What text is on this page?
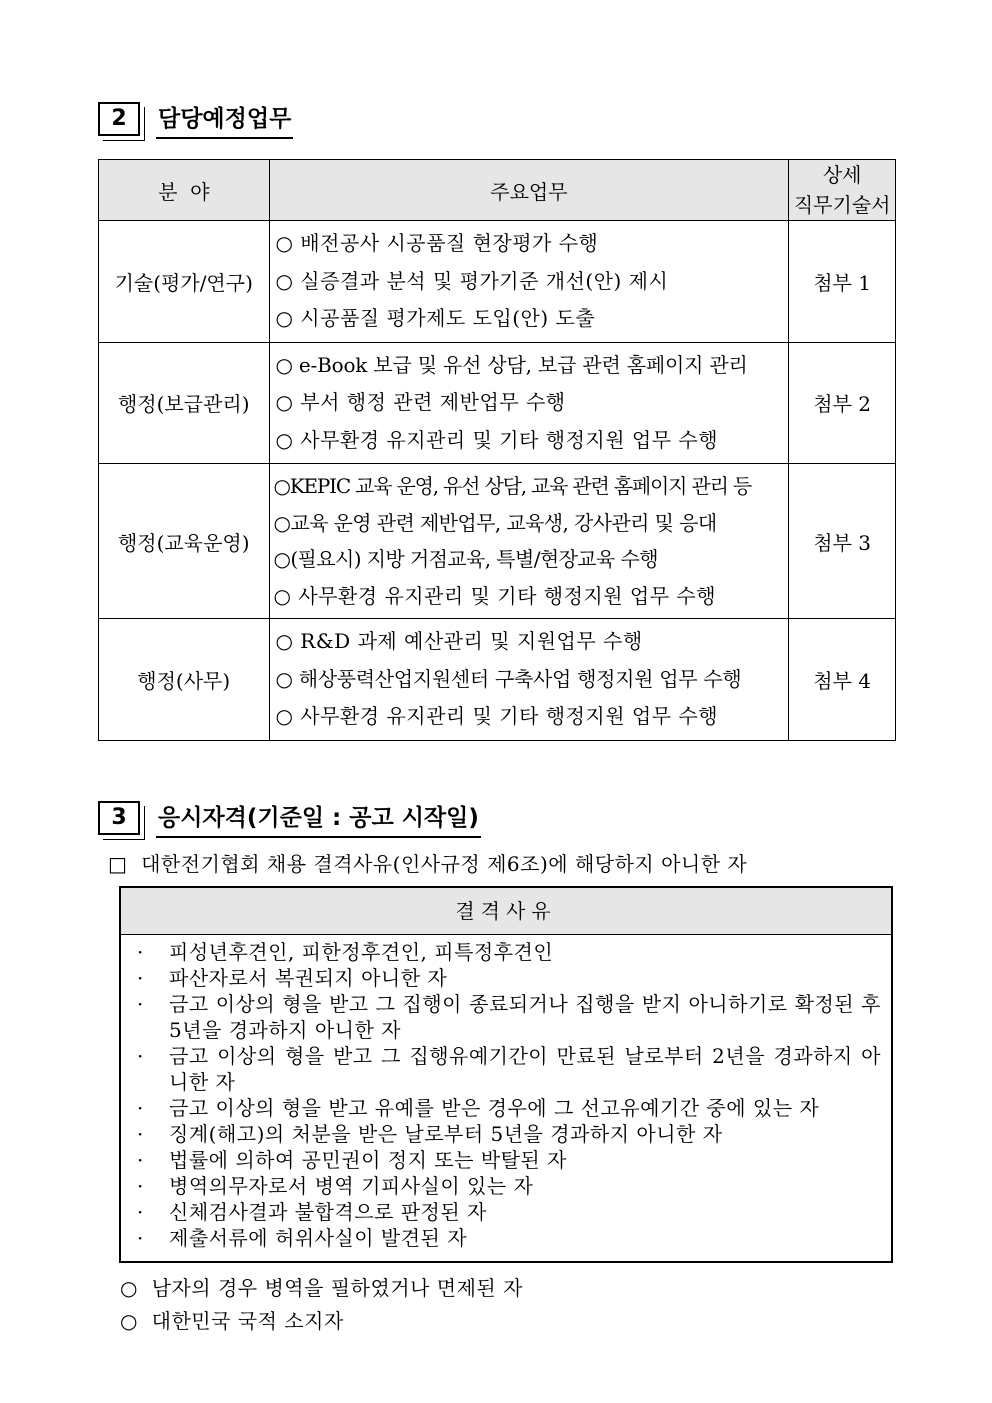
2	담당예정업무
분  야	주요업무	상세
직무기술서

기술(평가/연구)	○ 배전공사 시공품질 현장평가 수행
○ 실증결과 분석 및 평가기준 개선(안) 제시
○ 시공품질 평가제도 도입(안) 도출	첨부 1
행정(보급관리)	○ e-Book 보급 및 유선 상담, 보급 관련 홈페이지 관리
○ 부서 행정 관련 제반업무 수행
○ 사무환경 유지관리 및 기타 행정지원 업무 수행	첨부 2
행정(교육운영)	○KEPIC 교육 운영, 유선 상담, 교육 관련 홈페이지 관리 등
○교육 운영 관련 제반업무, 교육생, 강사관리 및 응대
○(필요시) 지방 거점교육, 특별/현장교육 수행
○ 사무환경 유지관리 및 기타 행정지원 업무 수행	첨부 3
행정(사무)	○ R&D 과제 예산관리 및 지원업무 수행
○ 해상풍력산업지원센터 구축사업 행정지원 업무 수행
○ 사무환경 유지관리 및 기타 행정지원 업무 수행	첨부 4
3	응시자격(기준일 : 공고 시작일)
□  대한전기협회 채용 결격사유(인사규정 제6조)에 해당하지 아니한 자
결격사유
·	피성년후견인, 피한정후견인, 피특정후견인
·	파산자로서 복권되지 아니한 자
·	금고 이상의 형을 받고 그 집행이 종료되거나 집행을 받지 아니하기로 확정된 후 5년을 경과하지 아니한 자
·	금고 이상의 형을 받고 그 집행유예기간이 만료된 날로부터 2년을 경과하지 아니한 자
·	금고 이상의 형을 받고 유예를 받은 경우에 그 선고유예기간 중에 있는 자
·	징계(해고)의 처분을 받은 날로부터 5년을 경과하지 아니한 자
·	법률에 의하여 공민권이 정지 또는 박탈된 자
·	병역의무자로서 병역 기피사실이 있는 자
·	신체검사결과 불합격으로 판정된 자
·	제출서류에 허위사실이 발견된 자
○  남자의 경우 병역을 필하였거나 면제된 자
○  대한민국 국적 소지자
